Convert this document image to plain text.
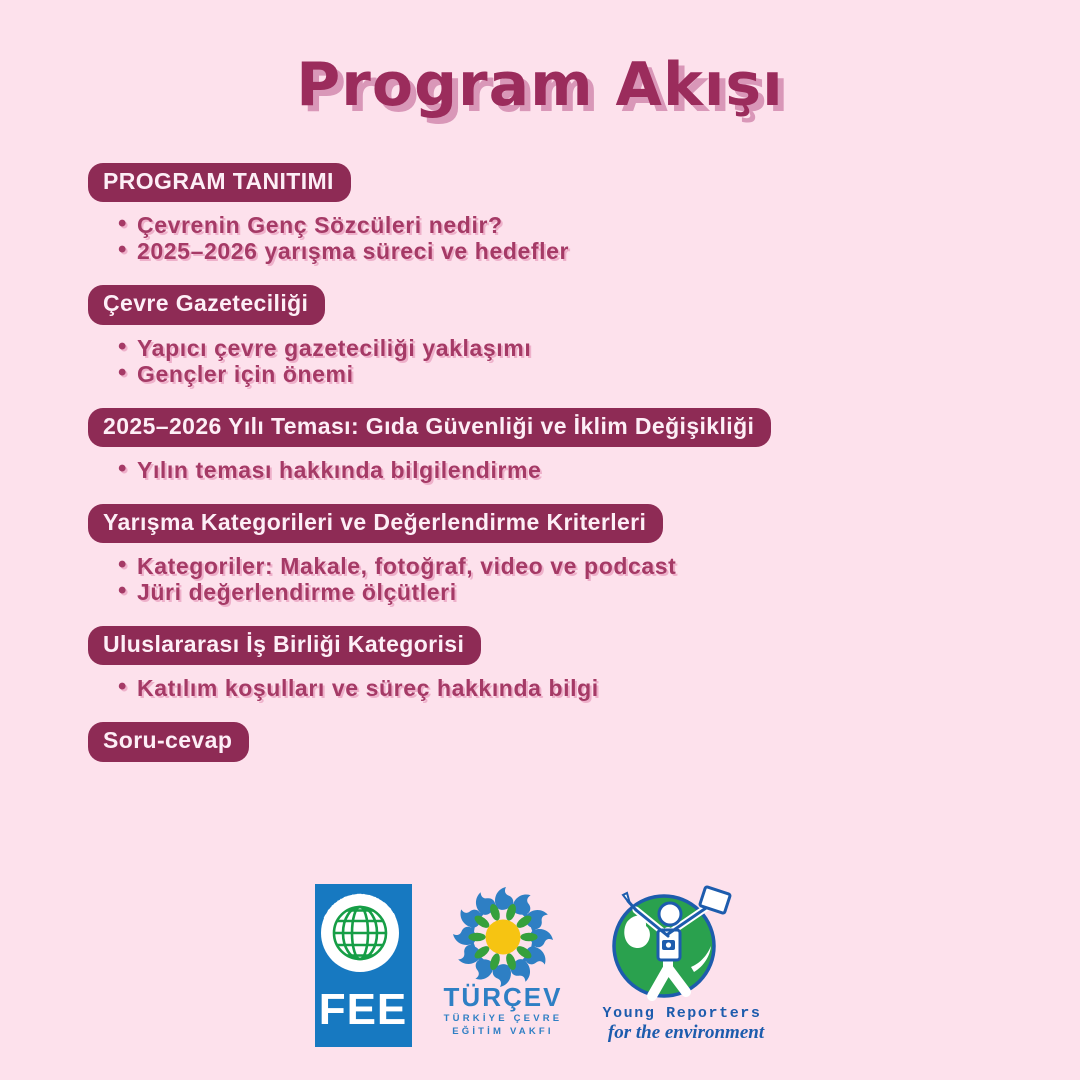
Program Akışı
PROGRAM TANITIMI
• Çevrenin Genç Sözcüleri nedir?
• 2025–2026 yarışma süreci ve hedefler
Çevre Gazeteciliği
• Yapıcı çevre gazeteciliği yaklaşımı
• Gençler için önemi
2025–2026 Yılı Teması: Gıda Güvenliği ve İklim Değişikliği
• Yılın teması hakkında bilgilendirme
Yarışma Kategorileri ve Değerlendirme Kriterleri
• Kategoriler: Makale, fotoğraf, video ve podcast
• Jüri değerlendirme ölçütleri
Uluslararası İş Birliği Kategorisi
• Katılım koşulları ve süreç hakkında bilgi
Soru-cevap
FOUNDATION FOR
ENVIROMENTAL EDUCATION
FEE TÜRÇEV
TÜRKİYE ÇEVRE
EĞİTİM VAKFI
Young Reporters
for the environment
